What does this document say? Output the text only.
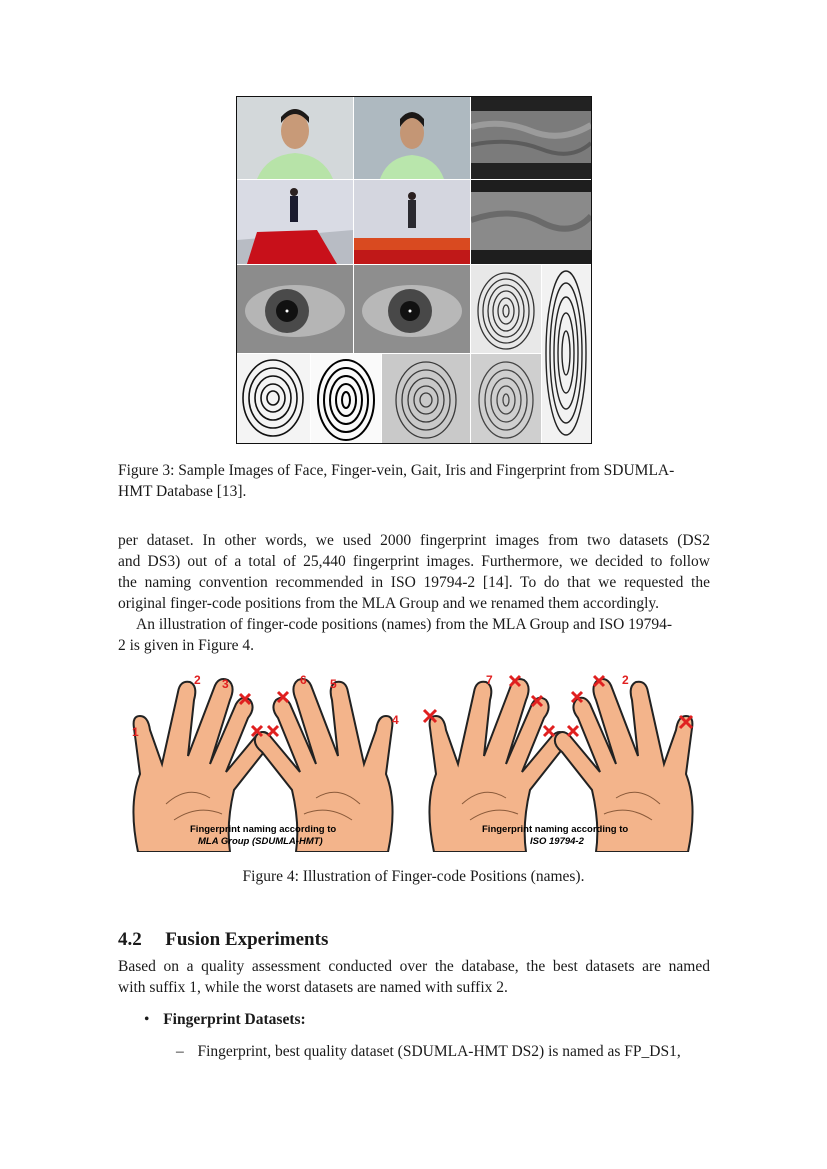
Figure 3: Sample Images of Face, Finger-vein, Gait, Iris and Fingerprint from SDUMLA-
HMT Database [13].
per dataset. In other words, we used 2000 fingerprint images from two datasets (DS2
and DS3) out of a total of 25,440 fingerprint images. Furthermore, we decided to follow
the naming convention recommended in ISO 19794-2 [14]. To do that we requested the
original finger-code positions from the MLA Group and we renamed them accordingly.
An illustration of finger-code positions (names) from the MLA Group and ISO 19794-
2 is given in Figure 4.
1
2 3
4
5
6	7	2
Fingerprint naming according to
MLA Group (SDUMLA-HMT)
Fingerprint naming according to
ISO 19794-2
Figure 4: Illustration of Finger-code Positions (names).
4.2 Fusion Experiments
Based on a quality assessment conducted over the database, the best datasets are named
with suffix 1, while the worst datasets are named with suffix 2.
• Fingerprint Datasets:
– Fingerprint, best quality dataset (SDUMLA-HMT DS2) is named as FP_DS1,
